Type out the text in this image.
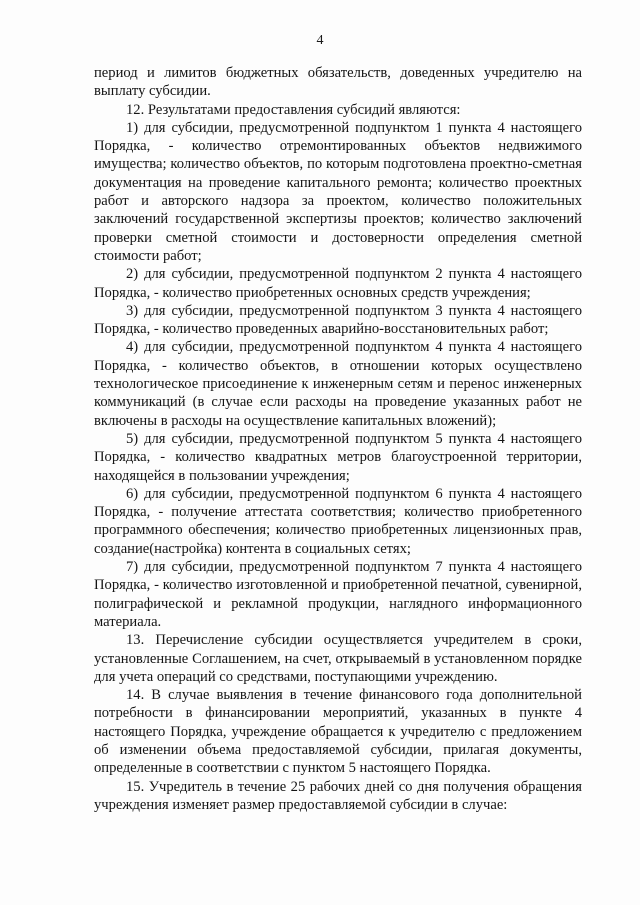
4

период и лимитов бюджетных обязательств, доведенных учредителю на выплату субсидии.

12. Результатами предоставления субсидий являются:

1) для субсидии, предусмотренной подпунктом 1 пункта 4 настоящего Порядка, - количество отремонтированных объектов недвижимого имущества; количество объектов, по которым подготовлена проектно-сметная документация на проведение капитального ремонта; количество проектных работ и авторского надзора за проектом, количество положительных заключений государственной экспертизы проектов; количество заключений проверки сметной стоимости и достоверности определения сметной стоимости работ;

2) для субсидии, предусмотренной подпунктом 2 пункта 4 настоящего Порядка, - количество приобретенных основных средств учреждения;

3) для субсидии, предусмотренной подпунктом 3 пункта 4 настоящего Порядка, - количество проведенных аварийно-восстановительных работ;

4) для субсидии, предусмотренной подпунктом 4 пункта 4 настоящего Порядка, - количество объектов, в отношении которых осуществлено технологическое присоединение к инженерным сетям и перенос инженерных коммуникаций (в случае если расходы на проведение указанных работ не включены в расходы на осуществление капитальных вложений);

5) для субсидии, предусмотренной подпунктом 5 пункта 4 настоящего Порядка, - количество квадратных метров благоустроенной территории, находящейся в пользовании учреждения;

6) для субсидии, предусмотренной подпунктом 6 пункта 4 настоящего Порядка, - получение аттестата соответствия; количество приобретенного программного обеспечения; количество приобретенных лицензионных прав, создание(настройка) контента в социальных сетях;

7) для субсидии, предусмотренной подпунктом 7 пункта 4 настоящего Порядка, - количество изготовленной и приобретенной печатной, сувенирной, полиграфической и рекламной продукции, наглядного информационного материала.

13. Перечисление субсидии осуществляется учредителем в сроки, установленные Соглашением, на счет, открываемый в установленном порядке для учета операций со средствами, поступающими учреждению.

14. В случае выявления в течение финансового года дополнительной потребности в финансировании мероприятий, указанных в пункте 4 настоящего Порядка, учреждение обращается к учредителю с предложением об изменении объема предоставляемой субсидии, прилагая документы, определенные в соответствии с пунктом 5 настоящего Порядка.

15. Учредитель в течение 25 рабочих дней со дня получения обращения учреждения изменяет размер предоставляемой субсидии в случае:
